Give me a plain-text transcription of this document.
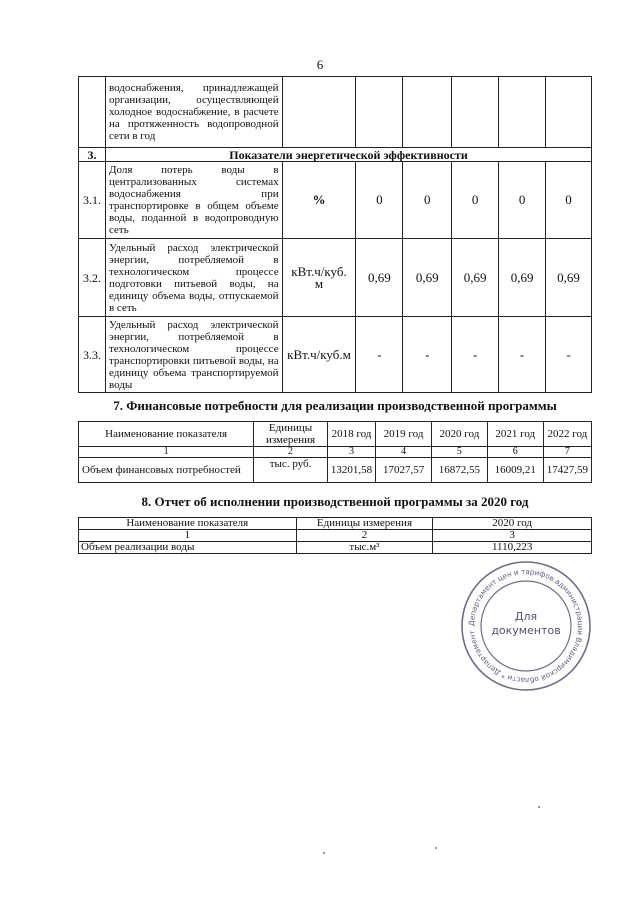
6
	водоснабжения, принадлежащей организации, осуществляющей холодное водоснабжение, в расчете на протяженность водопроводной сети в год						
3.	Показатели энергетической эффективности						
3.1.	Доля потерь воды в централизованных системах водоснабжения при транспортировке в общем объеме воды, поданной в водопроводную сеть	%	0	0	0	0	0
3.2.	Удельный расход электрической энергии, потребляемой в технологическом процессе подготовки питьевой воды, на единицу объема воды, отпускаемой в сеть	кВт.ч/куб. м	0,69	0,69	0,69	0,69	0,69
3.3.	Удельный расход электрической энергии, потребляемой в технологическом процессе транспортировки питьевой воды, на единицу объема транспортируемой воды	кВт.ч/куб.м	-	-	-	-	-
7. Финансовые потребности для реализации производственной программы
Наименование показателя	Единицы измерения	2018 год	2019 год	2020 год	2021 год	2022 год
1	2	3	4	5	6	7
Объем финансовых потребностей	тыс. руб.	13201,58	17027,57	16872,55	16009,21	17427,59
8. Отчет об исполнении производственной программы за 2020 год
Наименование показателя	Единицы измерения	2020 год
1	2	3
Объем реализации воды	тыс.м³	1110,223
Департамент цен и тарифов администрации Владимирской области * Департамент
Для
документов
